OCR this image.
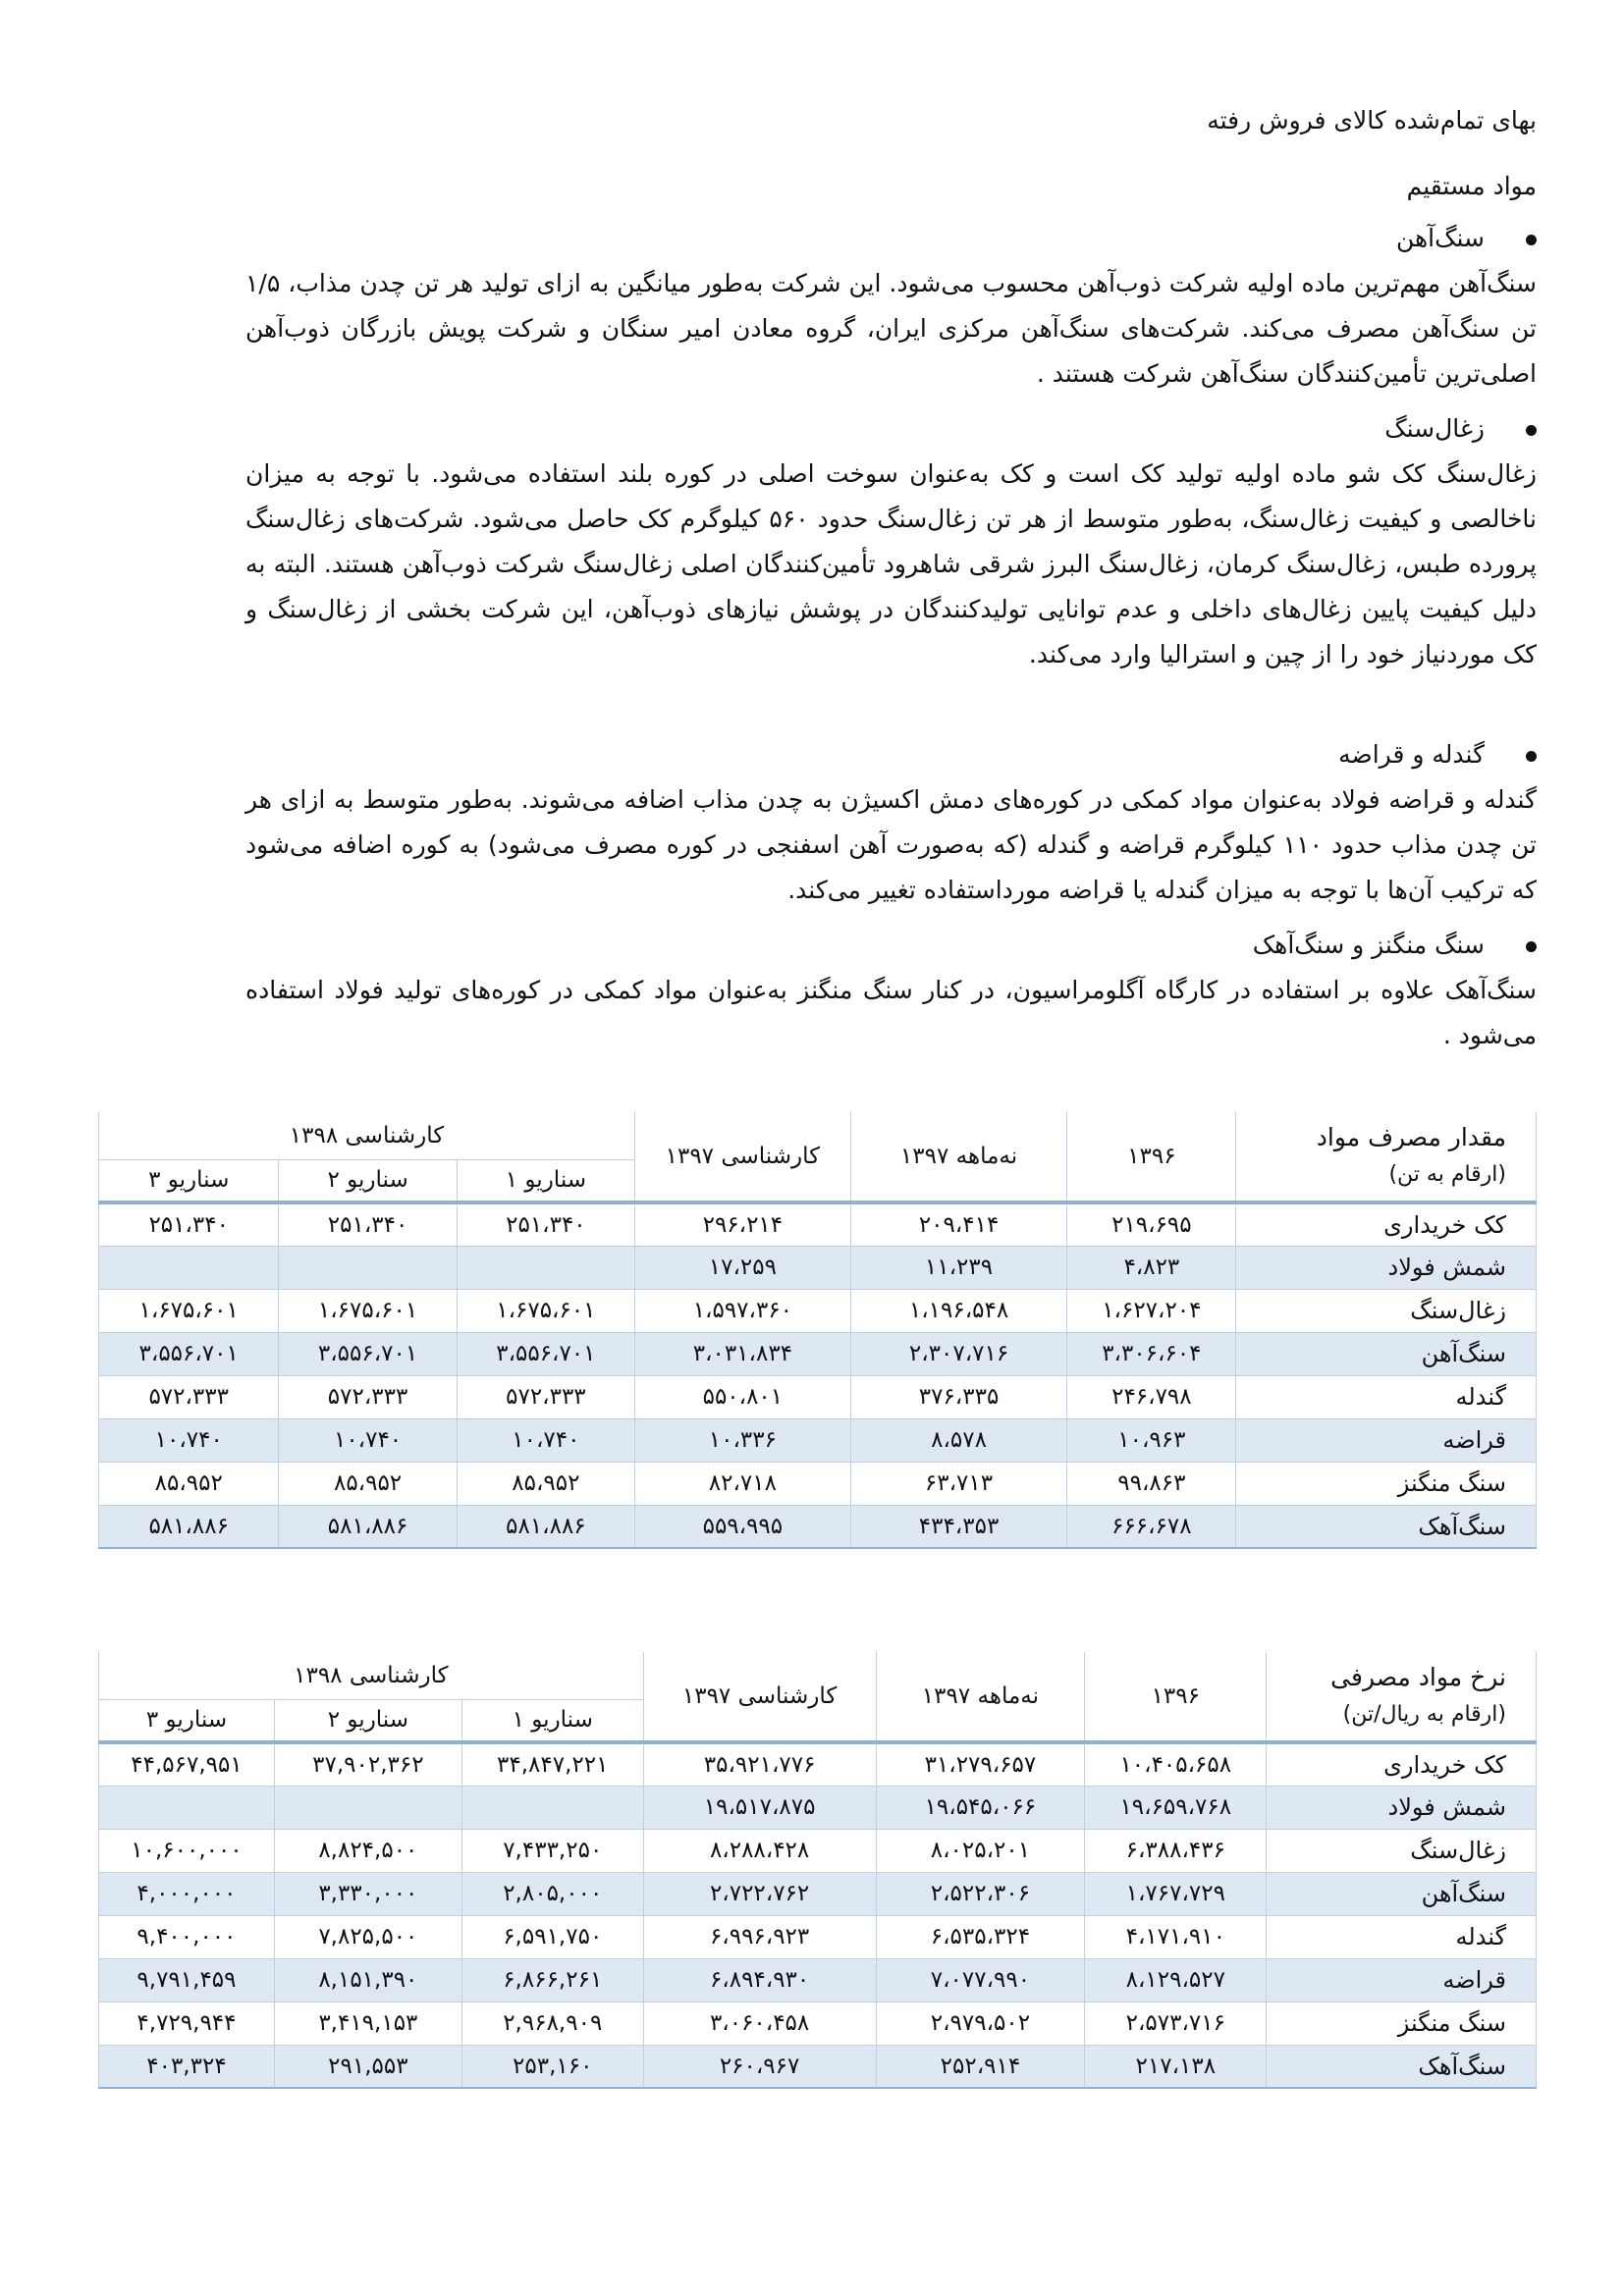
بهای تمام‌شده کالای فروش رفته
مواد مستقیم
سنگ‌آهن

سنگ‌آهن مهم‌ترین ماده اولیه شرکت ذوب‌آهن محسوب می‌شود. این شرکت به‌طور میانگین به ازای تولید هر تن چدن مذاب، ۱/۵ تن سنگ‌آهن مصرف می‌کند. شرکت‌های سنگ‌آهن مرکزی ایران، گروه معادن امیر سنگان و شرکت پویش بازرگان ذوب‌آهن اصلی‌ترین تأمین‌کنندگان سنگ‌آهن شرکت هستند .

زغال‌سنگ

زغال‌سنگ کک شو ماده اولیه تولید کک است و کک به‌عنوان سوخت اصلی در کوره بلند استفاده می‌شود. با توجه به میزان ناخالصی و کیفیت زغال‌سنگ، به‌طور متوسط از هر تن زغال‌سنگ حدود ۵۶۰ کیلوگرم کک حاصل می‌شود. شرکت‌های زغال‌سنگ پرورده طبس، زغال‌سنگ کرمان، زغال‌سنگ البرز شرقی شاهرود تأمین‌کنندگان اصلی زغال‌سنگ شرکت ذوب‌آهن هستند. البته به دلیل کیفیت پایین زغال‌های داخلی و عدم توانایی تولیدکنندگان در پوشش نیازهای ذوب‌آهن، این شرکت بخشی از زغال‌سنگ و کک موردنیاز خود را از چین و استرالیا وارد می‌کند.

گندله و قراضه

گندله و قراضه فولاد به‌عنوان مواد کمکی در کوره‌های دمش اکسیژن به چدن مذاب اضافه می‌شوند. به‌طور متوسط به ازای هر تن چدن مذاب حدود ۱۱۰ کیلوگرم قراضه و گندله (که به‌صورت آهن اسفنجی در کوره مصرف می‌شود) به کوره اضافه می‌شود که ترکیب آن‌ها با توجه به میزان گندله یا قراضه مورداستفاده تغییر می‌کند.

سنگ منگنز و سنگ‌آهک

سنگ‌آهک علاوه بر استفاده در کارگاه آگلومراسیون، در کنار سنگ منگنز به‌عنوان مواد کمکی در کوره‌های تولید فولاد استفاده می‌شود .

مقدار مصرف مواد
(ارقام به تن)	۱۳۹۶	نه‌ماهه ۱۳۹۷	کارشناسی ۱۳۹۷	کارشناسی ۱۳۹۸		
				سناریو ۱	سناریو ۲	سناریو ۳
کک خریداری	۲۱۹،۶۹۵	۲۰۹،۴۱۴	۲۹۶،۲۱۴	۲۵۱،۳۴۰	۲۵۱،۳۴۰	۲۵۱،۳۴۰
شمش فولاد	۴،۸۲۳	۱۱،۲۳۹	۱۷،۲۵۹			
زغال‌سنگ	۱،۶۲۷،۲۰۴	۱،۱۹۶،۵۴۸	۱،۵۹۷،۳۶۰	۱،۶۷۵،۶۰۱	۱،۶۷۵،۶۰۱	۱،۶۷۵،۶۰۱
سنگ‌آهن	۳،۳۰۶،۶۰۴	۲،۳۰۷،۷۱۶	۳،۰۳۱،۸۳۴	۳،۵۵۶،۷۰۱	۳،۵۵۶،۷۰۱	۳،۵۵۶،۷۰۱
گندله	۲۴۶،۷۹۸	۳۷۶،۳۳۵	۵۵۰،۸۰۱	۵۷۲،۳۳۳	۵۷۲،۳۳۳	۵۷۲،۳۳۳
قراضه	۱۰،۹۶۳	۸،۵۷۸	۱۰،۳۳۶	۱۰،۷۴۰	۱۰،۷۴۰	۱۰،۷۴۰
سنگ منگنز	۹۹،۸۶۳	۶۳،۷۱۳	۸۲،۷۱۸	۸۵،۹۵۲	۸۵،۹۵۲	۸۵،۹۵۲
سنگ‌آهک	۶۶۶،۶۷۸	۴۳۴،۳۵۳	۵۵۹،۹۹۵	۵۸۱،۸۸۶	۵۸۱،۸۸۶	۵۸۱،۸۸۶
نرخ مواد مصرفی
(ارقام به ریال/تن)	۱۳۹۶	نه‌ماهه ۱۳۹۷	کارشناسی ۱۳۹۷	کارشناسی ۱۳۹۸		
				سناریو ۱	سناریو ۲	سناریو ۳
کک خریداری	۱۰،۴۰۵،۶۵۸	۳۱،۲۷۹،۶۵۷	۳۵،۹۲۱،۷۷۶	۳۴,۸۴۷,۲۲۱	۳۷,۹۰۲,۳۶۲	۴۴,۵۶۷,۹۵۱
شمش فولاد	۱۹،۶۵۹،۷۶۸	۱۹،۵۴۵،۰۶۶	۱۹،۵۱۷،۸۷۵			
زغال‌سنگ	۶،۳۸۸،۴۳۶	۸،۰۲۵،۲۰۱	۸،۲۸۸،۴۲۸	۷,۴۳۳,۲۵۰	۸,۸۲۴,۵۰۰	۱۰,۶۰۰,۰۰۰
سنگ‌آهن	۱،۷۶۷،۷۲۹	۲،۵۲۲،۳۰۶	۲،۷۲۲،۷۶۲	۲,۸۰۵,۰۰۰	۳,۳۳۰,۰۰۰	۴,۰۰۰,۰۰۰
گندله	۴،۱۷۱،۹۱۰	۶،۵۳۵،۳۲۴	۶،۹۹۶،۹۲۳	۶,۵۹۱,۷۵۰	۷,۸۲۵,۵۰۰	۹,۴۰۰,۰۰۰
قراضه	۸،۱۲۹،۵۲۷	۷،۰۷۷،۹۹۰	۶،۸۹۴،۹۳۰	۶,۸۶۶,۲۶۱	۸,۱۵۱,۳۹۰	۹,۷۹۱,۴۵۹
سنگ منگنز	۲،۵۷۳،۷۱۶	۲،۹۷۹،۵۰۲	۳،۰۶۰،۴۵۸	۲,۹۶۸,۹۰۹	۳,۴۱۹,۱۵۳	۴,۷۲۹,۹۴۴
سنگ‌آهک	۲۱۷،۱۳۸	۲۵۲،۹۱۴	۲۶۰،۹۶۷	۲۵۳,۱۶۰	۲۹۱,۵۵۳	۴۰۳,۳۲۴
